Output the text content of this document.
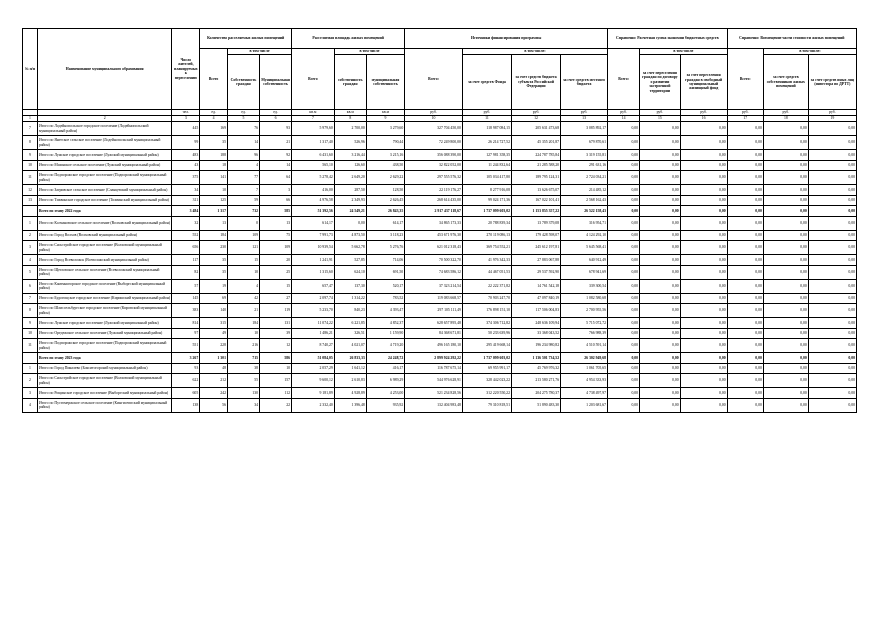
№ п/п	Наименование муниципального образования	Число жителей, планируемых к переселению	Количество расселяемых жилых помещений			Расселяемая площадь жилых помещений			Источники финансирования программы				Справочно: Расчетная сумма экономии бюджетных средств			Справочно: Возмещение части стоимости жилых помещений		
			Всего	в том числе		Всего	в том числе		Всего:	в том числе:			Всего:	в том числе		Всего:	в том числе:	
				Собственность граждан	Муниципальная собственность		собственность граждан	муниципальная собственность		за счет средств Фонда	за счет средств бюджета субъекта Российской Федерации	за счет средств местного бюджета		за счет переселения граждан по договору о развитии застроенной территории	за счет переселения граждан в свободный муниципальный жилищный фонд		за счет средств собственников жилых помещений	за счет средств иных лиц (инвестора по ДРТТ)
		чел.	ед.	ед.	ед.	кв.м	кв.м	кв.м	руб.	руб.	руб.	руб.	руб.	руб.	руб.	руб.	руб.	руб.
1	2	3	4	5	6	7	8	9	10	11	12	13	14	15	16	17	18	19
7	Итого по Лодейнопольское городское поселение (Лодейнопольский муниципальный район)	445	169	76	93	5 979,60	2 700,00	3 279,60	327 704 450,00	118 987 084,15	205 631 473,68	3 085 892,17	0,00	0,00	0,00	0,00	0,00	0,00
8	Итого по Янегское сельское поселение (Лодейнопольский муниципальный район)	99	35	14	21	1 317,40	526,96	790,44	72 249 800,00	26 214 727,52	45 355 201,87	679 870,61	0,00	0,00	0,00	0,00	0,00	0,00
9	Итого по Лужское городское поселение (Лужский муниципальный район)	483	188	96	92	6 431,60	3 216,44	3 215,16	356 088 390,00	127 981 358,35	224 787 785,84	3 319 155,81	0,00	0,00	0,00	0,00	0,00	0,00
10	Итого по Мшинское сельское поселение (Лужский муниципальный район)	43	18	4	14	565,10	126,60	438,50	32 822 052,00	11 244 832,64	21 285 588,20	291 631,16	0,00	0,00	0,00	0,00	0,00	0,00
11	Итого по Подпорожское городское поселение (Подпорожский муниципальный район)	375	141	77	64	5 278,42	2 649,20	2 629,22	297 555 576,32	105 034 417,80	189 795 124,31	2 724 034,21	0,00	0,00	0,00	0,00	0,00	0,00
12	Итого по Загривское сельское поселение (Сланцевский муниципальный район)	34	10	7	3	416,00	287,50	128,50	22 119 176,27	8 277 916,08	13 626 675,07	214 485,12	0,00	0,00	0,00	0,00	0,00	0,00
13	Итого по Тихвинское городское поселение (Тихвинский муниципальный район)	311	125	59	66	4 976,58	2 349,93	2 626,45	268 614 435,00	99 024 171,36	167 022 101,41	2 568 162,43	0,00	0,00	0,00	0,00	0,00	0,00
	Всего по этапу 2022 года	3 484	1 317	732	585	51 392,56	24 549,21	26 843,35	2 917 437 118,67	1 737 099 603,02	1 153 855 357,22	26 522 158,43	0,00	0,00	0,00	0,00	0,00	0,00
1	Итого по Колчановское сельское поселение (Волховский муниципальный район)	32	13	0	13	614,17	0,00	614,17	34 865 173,33	20 788 839,34	13 789 379,08	316 954,71	0,00	0,00	0,00	0,00	0,00	0,00
2	Итого по Город Волхов (Волховский муниципальный район)	552	184	109	75	7 991,73	4 873,50	3 118,23	453 671 976,30	270 119 086,13	179 428 598,07	4 124 292,10	0,00	0,00	0,00	0,00	0,00	0,00
3	Итого по Сясьстройское городское поселение (Волховский муниципальный район)	656	230	121	109	10 939,54	5 662,78	5 276,76	621 012 318,43	369 754 552,21	245 612 197,81	5 645 568,41	0,00	0,00	0,00	0,00	0,00	0,00
4	Итого по Город Всеволожск (Всеволожский муниципальный район)	117	35	15	20	1 241,91	527,85	714,06	70 500 322,70	41 976 342,33	27 883 067,88	640 912,49	0,00	0,00	0,00	0,00	0,00	0,00
5	Итого по Щегловское сельское поселение (Всеволожский муниципальный район)	82	35	10	25	1 315,60	624,10	691,50	74 683 586,12	44 467 051,53	29 537 592,90	678 941,69	0,00	0,00	0,00	0,00	0,00	0,00
6	Итого по Каменногорское городское поселение (Выборгский муниципальный район)	57	19	4	15	657,47	137,30	520,17	37 323 214,54	22 222 371,82	14 761 542,18	339 300,54	0,00	0,00	0,00	0,00	0,00	0,00
7	Итого по Будогощское городское поселение (Киришский муниципальный район)	145	69	42	27	2 097,74	1 314,22	783,52	119 083 668,57	70 903 247,70	47 097 840,19	1 082 580,68	0,00	0,00	0,00	0,00	0,00	0,00
8	Итого по Шлиссельбургское городское поселение (Кировский муниципальный район)	383	140	21	119	5 233,70	840,23	4 393,47	297 105 111,49	176 898 151,10	117 506 004,83	2 700 955,56	0,00	0,00	0,00	0,00	0,00	0,00
9	Итого по Лужское городское поселение (Лужский муниципальный район)	814	315	184	131	11 074,22	6 221,85	4 852,37	628 657 895,48	374 306 712,82	248 636 109,94	5 715 072,72	0,00	0,00	0,00	0,00	0,00	0,00
10	Итого по Оредежское сельское поселение (Лужский муниципальный район)	97	49	10	39	1 486,21	326,51	1 159,90	84 368 671,81	50 233 639,96	33 368 043,52	766 988,39	0,00	0,00	0,00	0,00	0,00	0,00
11	Итого по Подпорожское городское поселение (Подпорожский муниципальный район)	551	228	216	12	8 740,27	4 021,07	4 719,20	496 165 180,10	295 419 668,14	196 234 980,82	4 510 591,14	0,00	0,00	0,00	0,00	0,00	0,00
	Всего по этапу 2023 года	3 267	1 301	715	586	51 084,05	26 833,33	24 248,72	2 899 924 292,22	1 737 099 603,02	1 136 501 734,52	26 302 949,68	0,00	0,00	0,00	0,00	0,00	0,00
1	Итого по Город Пикалево (Бокситогорский муниципальный район)	93	48	38	10	2 057,29	1 641,12	416,17	116 787 675,14	69 955 991,17	45 769 976,32	1 061 705,65	0,00	0,00	0,00	0,00	0,00	0,00
2	Итого по Сясьстройское городское поселение (Волховский муниципальный район)	622	212	55	157	9 600,12	2 610,83	6 989,29	544 976 628,91	328 442 023,22	213 580 271,76	4 954 333,93	0,00	0,00	0,00	0,00	0,00	0,00
3	Итого по Рощинское городское поселение (Выборгский муниципальный район)	605	242	130	112	9 181,89	4 928,89	4 253,00	521 234 828,56	312 220 550,22	204 275 780,37	4 738 497,97	0,00	0,00	0,00	0,00	0,00	0,00
4	Итого по Пустомержское сельское поселение (Кингисеппский муниципальный район)	138	56	34	22	2 332,40	1 396,48	935,92	132 404 983,48	79 310 818,51	51 890 483,30	1 203 681,67	0,00	0,00	0,00	0,00	0,00	0,00
